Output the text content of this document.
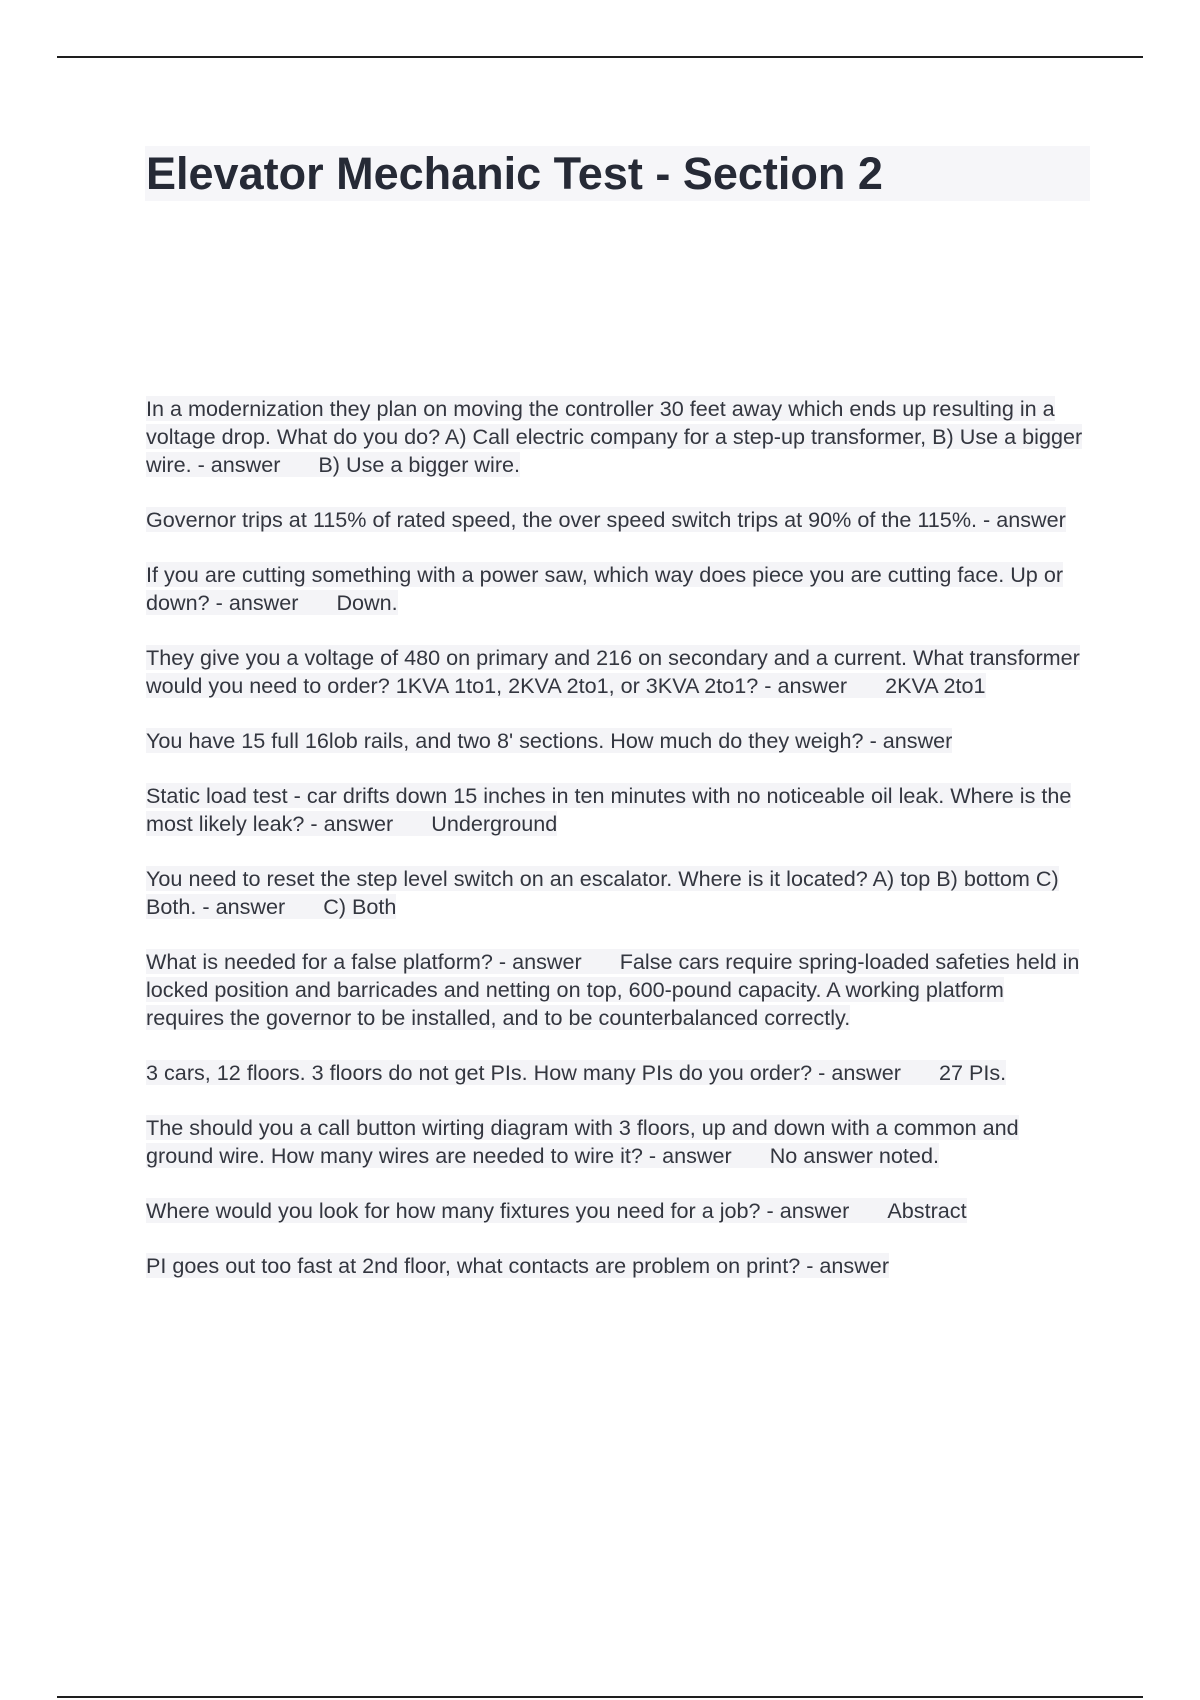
Elevator Mechanic Test - Section 2

In a modernization they plan on moving the controller 30 feet away which ends up resulting in a voltage drop. What do you do? A) Call electric company for a step-up transformer, B) Use a bigger wire. - answer B) Use a bigger wire.

Governor trips at 115% of rated speed, the over speed switch trips at 90% of the 115%. - answer

If you are cutting something with a power saw, which way does piece you are cutting face. Up or down? - answer Down.

They give you a voltage of 480 on primary and 216 on secondary and a current. What transformer would you need to order? 1KVA 1to1, 2KVA 2to1, or 3KVA 2to1? - answer 2KVA 2to1

You have 15 full 16lob rails, and two 8' sections. How much do they weigh? - answer

Static load test - car drifts down 15 inches in ten minutes with no noticeable oil leak. Where is the most likely leak? - answer Underground

You need to reset the step level switch on an escalator. Where is it located? A) top B) bottom C) Both. - answer C) Both

What is needed for a false platform? - answer False cars require spring-loaded safeties held in locked position and barricades and netting on top, 600-pound capacity. A working platform requires the governor to be installed, and to be counterbalanced correctly.

3 cars, 12 floors. 3 floors do not get PIs. How many PIs do you order? - answer 27 PIs.

The should you a call button wirting diagram with 3 floors, up and down with a common and ground wire. How many wires are needed to wire it? - answer No answer noted.

Where would you look for how many fixtures you need for a job? - answer Abstract

PI goes out too fast at 2nd floor, what contacts are problem on print? - answer
